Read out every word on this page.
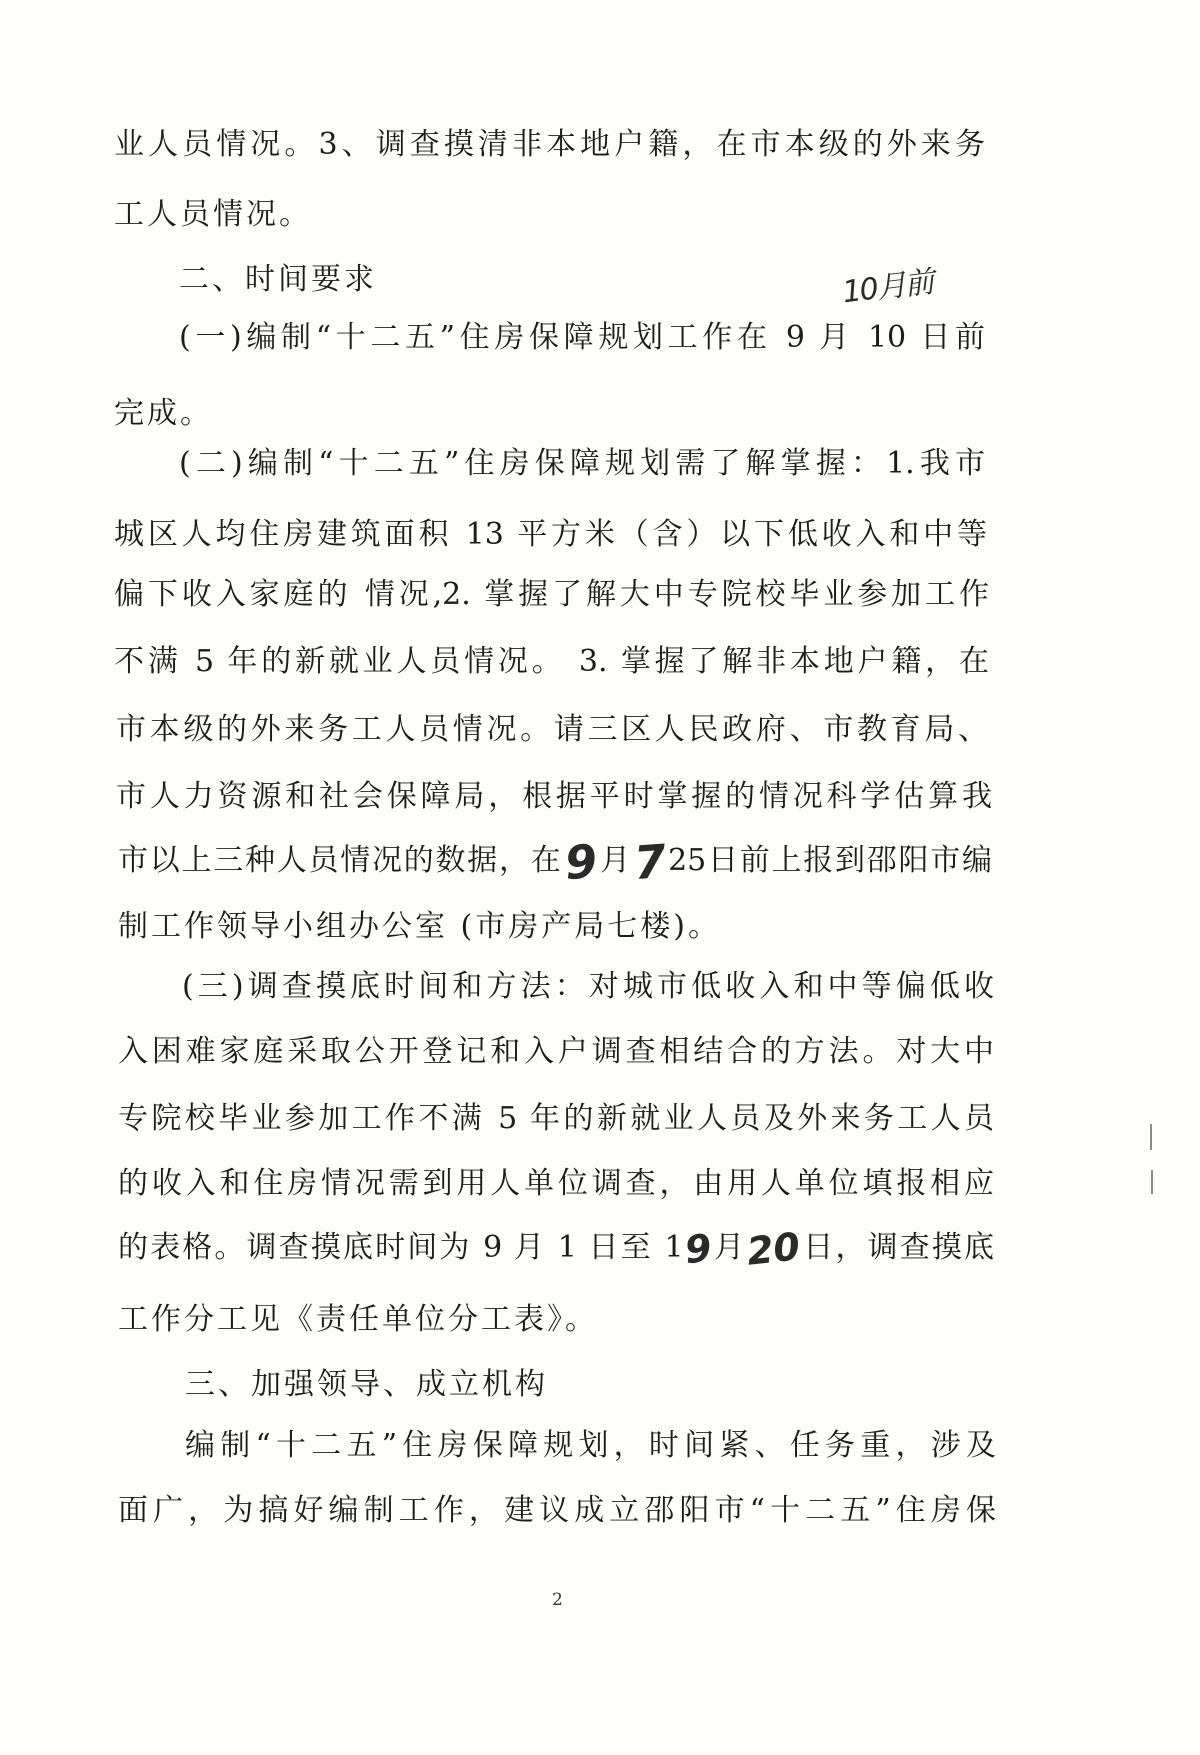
业人员情况。3、调查摸清非本地户籍，在市本级的外来务
工人员情况。
二、时间要求	10月前
(一)编制“十二五”住房保障规划工作在 9 月 10 日前
完成。
(二)编制“十二五”住房保障规划需了解掌握：1.我市
城区人均住房建筑面积 13 平方米（含）以下低收入和中等
偏下收入家庭的 情况,2. 掌握了解大中专院校毕业参加工作
不满 5 年的新就业人员情况。 3. 掌握了解非本地户籍，在
市本级的外来务工人员情况。请三区人民政府、市教育局、
市人力资源和社会保障局，根据平时掌握的情况科学估算我
市以上三种人员情况的数据，在9月725日前上报到邵阳市编
制工作领导小组办公室 (市房产局七楼)。
(三)调查摸底时间和方法：对城市低收入和中等偏低收
入困难家庭采取公开登记和入户调查相结合的方法。对大中
专院校毕业参加工作不满 5 年的新就业人员及外来务工人员
的收入和住房情况需到用人单位调查，由用人单位填报相应
的表格。调查摸底时间为 9 月 1 日至 19月20日，调查摸底
工作分工见《责任单位分工表》。
三、加强领导、成立机构
编制“十二五”住房保障规划，时间紧、任务重，涉及
面广，为搞好编制工作，建议成立邵阳市“十二五”住房保
2
